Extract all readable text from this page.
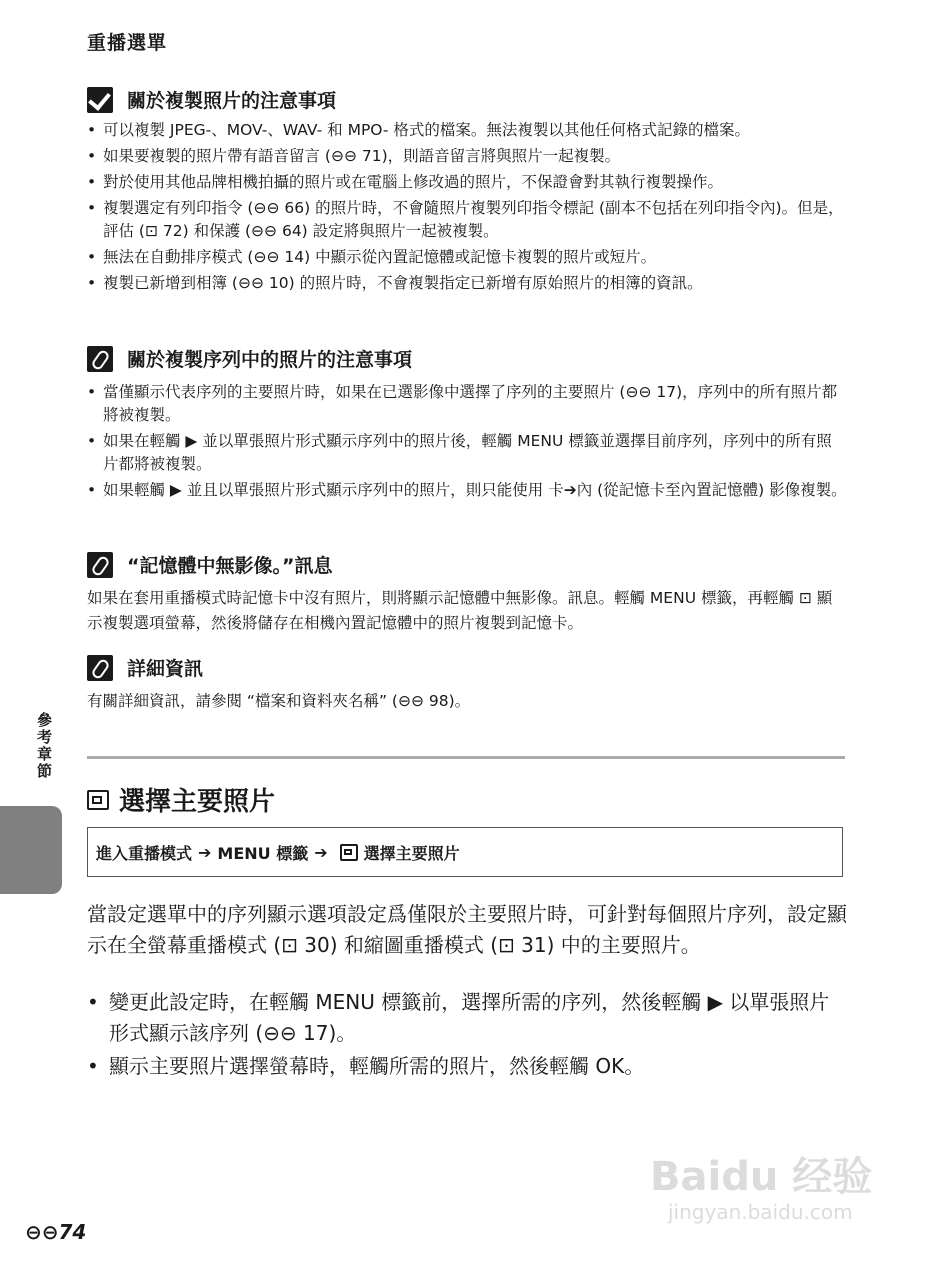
重播選單
關於複製照片的注意事項
• 可以複製 JPEG-、MOV-、WAV- 和 MPO- 格式的檔案。無法複製以其他任何格式記錄的檔案。
• 如果要複製的照片帶有語音留言 (⊖⊖ 71)，則語音留言將與照片一起複製。
• 對於使用其他品牌相機拍攝的照片或在電腦上修改過的照片，不保證會對其執行複製操作。
• 複製選定有列印指令 (⊖⊖ 66) 的照片時，不會隨照片複製列印指令標記 (副本不包括在列印指令內)。但是，評估 (⊡ 72) 和保護 (⊖⊖ 64) 設定將與照片一起被複製。
• 無法在自動排序模式 (⊖⊖ 14) 中顯示從內置記憶體或記憶卡複製的照片或短片。
• 複製已新增到相簿 (⊖⊖ 10) 的照片時，不會複製指定已新增有原始照片的相簿的資訊。
關於複製序列中的照片的注意事項
• 當僅顯示代表序列的主要照片時，如果在已選影像中選擇了序列的主要照片 (⊖⊖ 17)，序列中的所有照片都將被複製。
• 如果在輕觸 ▶ 並以單張照片形式顯示序列中的照片後，輕觸 MENU 標籤並選擇目前序列，序列中的所有照片都將被複製。
• 如果輕觸 ▶ 並且以單張照片形式顯示序列中的照片，則只能使用 卡➔內 (從記憶卡至內置記憶體) 影像複製。
“記憶體中無影像。”訊息
如果在套用重播模式時記憶卡中沒有照片，則將顯示記憶體中無影像。訊息。輕觸 MENU 標籤，再輕觸 ⊡ 顯示複製選項螢幕，然後將儲存在相機內置記憶體中的照片複製到記憶卡。
詳細資訊
有關詳細資訊，請參閱 “檔案和資料夾名稱” (⊖⊖ 98)。
參考章節
選擇主要照片
進入重播模式 ➔ MENU 標籤 ➔ 選擇主要照片
當設定選單中的序列顯示選項設定爲僅限於主要照片時，可針對每個照片序列，設定顯示在全螢幕重播模式 (⊡ 30) 和縮圖重播模式 (⊡ 31) 中的主要照片。
• 變更此設定時，在輕觸 MENU 標籤前，選擇所需的序列，然後輕觸 ▶ 以單張照片形式顯示該序列 (⊖⊖ 17)。
• 顯示主要照片選擇螢幕時，輕觸所需的照片，然後輕觸 OK。
⊖⊖74
Baidu 经验
jingyan.baidu.com
